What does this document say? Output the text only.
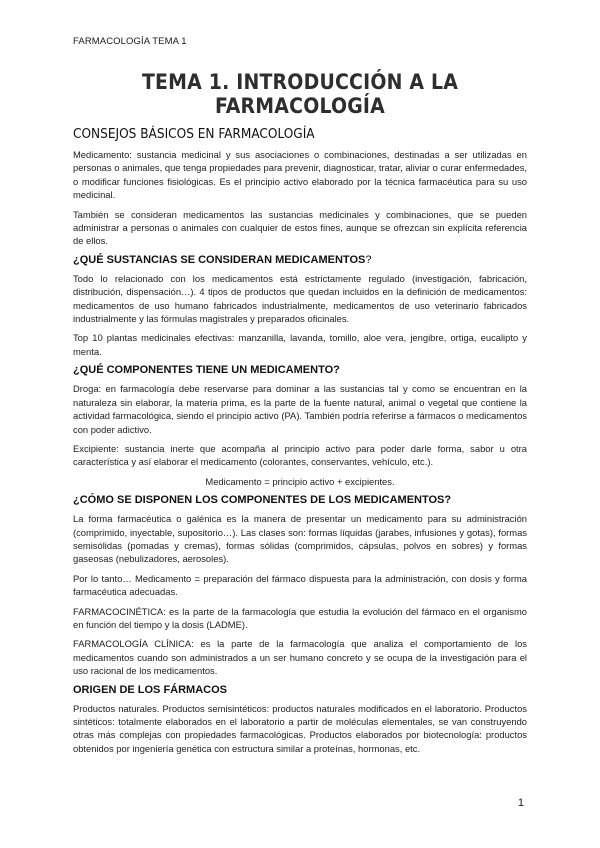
FARMACOLOGÍA TEMA 1
TEMA 1. INTRODUCCIÓN A LA FARMACOLOGÍA
CONSEJOS BÁSICOS EN FARMACOLOGÍA

Medicamento: sustancia medicinal y sus asociaciones o combinaciones, destinadas a ser utilizadas en personas o animales, que tenga propiedades para prevenir, diagnosticar, tratar, aliviar o curar enfermedades, o modificar funciones fisiológicas. Es el principio activo elaborado por la técnica farmacéutica para su uso medicinal.

También se consideran medicamentos las sustancias medicinales y combinaciones, que se pueden administrar a personas o animales con cualquier de estos fines, aunque se ofrezcan sin explícita referencia de ellos.

¿QUÉ SUSTANCIAS SE CONSIDERAN MEDICAMENTOS?

Todo lo relacionado con los medicamentos está estrictamente regulado (investigación, fabricación, distribución, dispensación…). 4 tipos de productos que quedan incluidos en la definición de medicamentos: medicamentos de uso humano fabricados industrialmente, medicamentos de uso veterinario fabricados industrialmente y las fórmulas magistrales y preparados oficinales.

Top 10 plantas medicinales efectivas: manzanilla, lavanda, tomillo, aloe vera, jengibre, ortiga, eucalipto y menta.

¿QUÉ COMPONENTES TIENE UN MEDICAMENTO?

Droga: en farmacología debe reservarse para dominar a las sustancias tal y como se encuentran en la naturaleza sin elaborar, la materia prima, es la parte de la fuente natural, animal o vegetal que contiene la actividad farmacológica, siendo el principio activo (PA). También podría referirse a fármacos o medicamentos con poder adictivo.

Excipiente: sustancia inerte que acompaña al principio activo para poder darle forma, sabor u otra característica y así elaborar el medicamento (colorantes, conservantes, vehículo, etc.).

Medicamento = principio activo + excipientes.

¿CÓMO SE DISPONEN LOS COMPONENTES DE LOS MEDICAMENTOS?

La forma farmacéutica o galénica es la manera de presentar un medicamento para su administración (comprimido, inyectable, supositorio…). Las clases son: formas líquidas (jarabes, infusiones y gotas), formas semisólidas (pomadas y cremas), formas sólidas (comprimidos, cápsulas, polvos en sobres) y formas gaseosas (nebulizadores, aerosoles).

Por lo tanto… Medicamento = preparación del fármaco dispuesta para la administración, con dosis y forma farmacéutica adecuadas.

FARMACOCINÉTICA: es la parte de la farmacología que estudia la evolución del fármaco en el organismo en función del tiempo y la dosis (LADME).

FARMACOLOGÍA CLÍNICA: es la parte de la farmacología que analiza el comportamiento de los medicamentos cuando son administrados a un ser humano concreto y se ocupa de la investigación para el uso racional de los medicamentos.

ORIGEN DE LOS FÁRMACOS

Productos naturales. Productos semisintéticos: productos naturales modificados en el laboratorio. Productos sintéticos: totalmente elaborados en el laboratorio a partir de moléculas elementales, se van construyendo otras más complejas con propiedades farmacológicas. Productos elaborados por biotecnología: productos obtenidos por ingeniería genética con estructura similar a proteínas, hormonas, etc.

1
